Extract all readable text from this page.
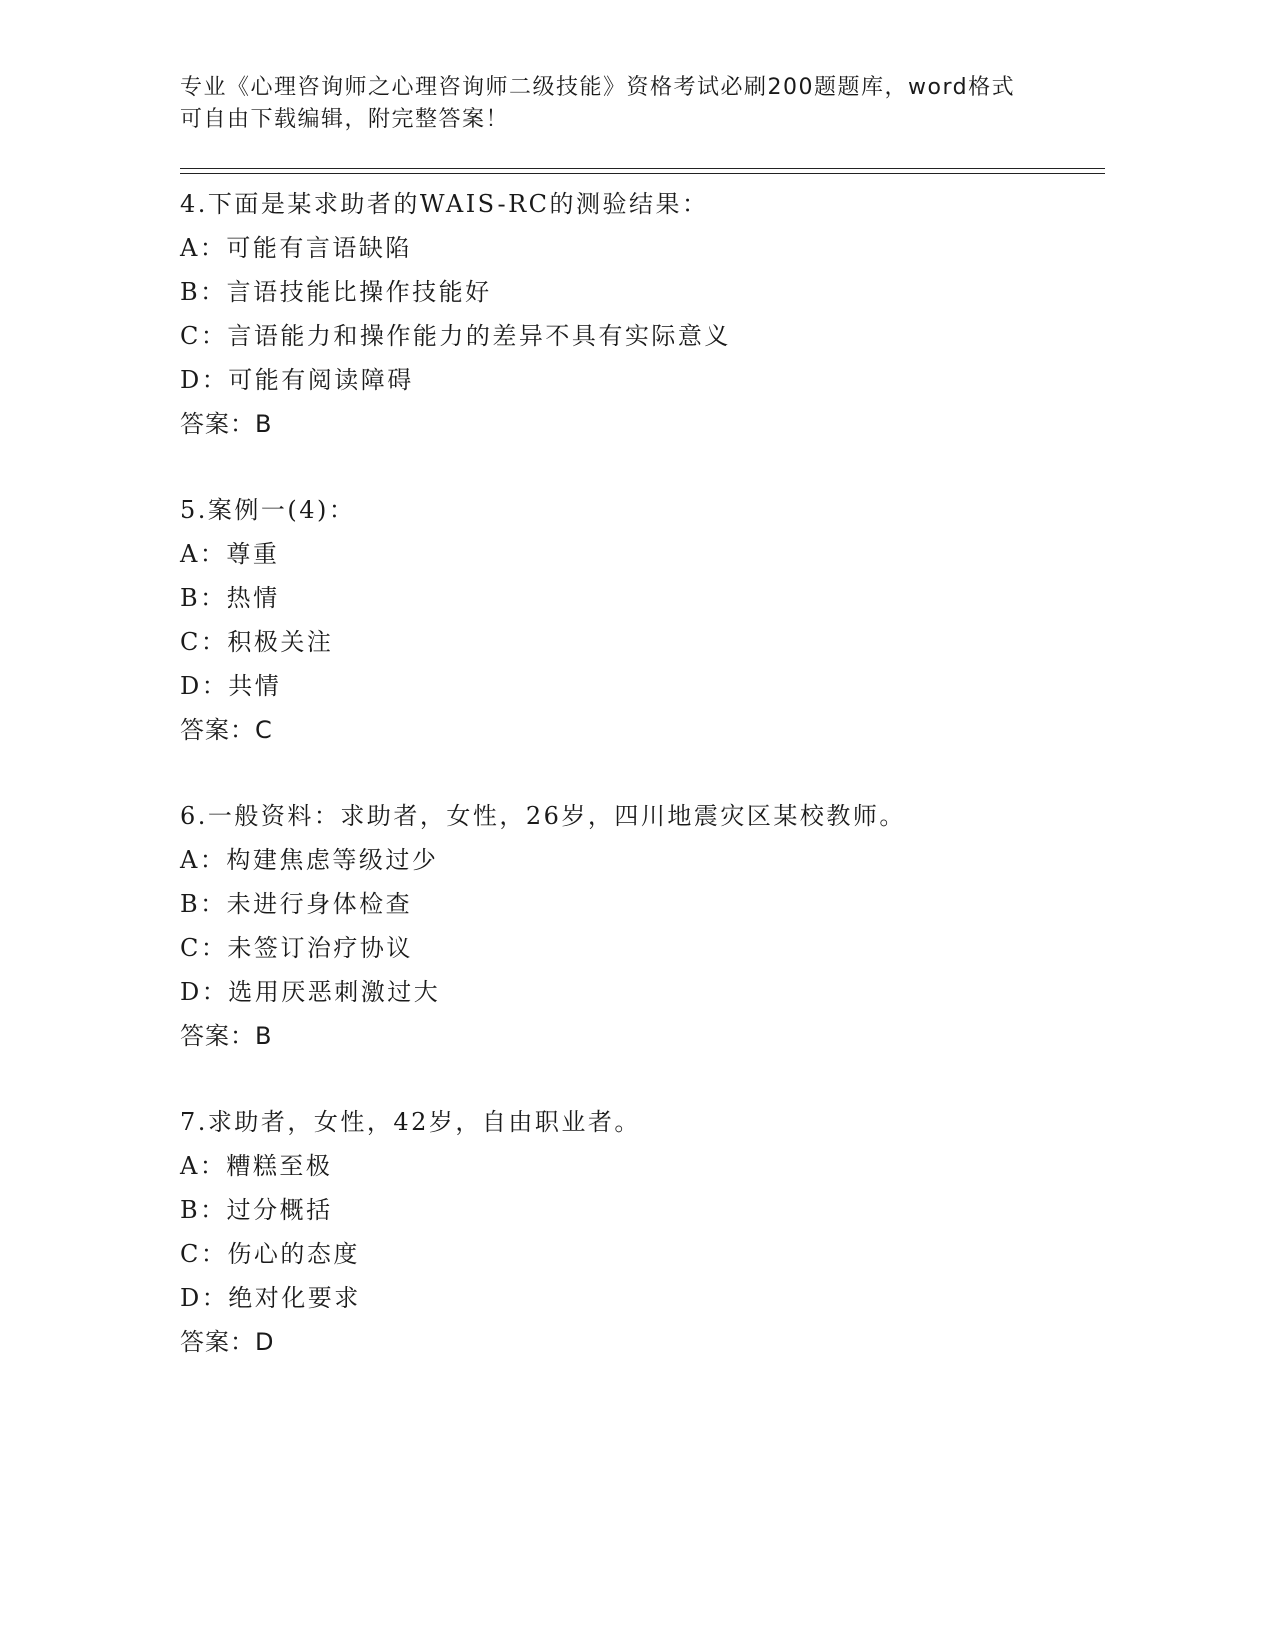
专业《心理咨询师之心理咨询师二级技能》资格考试必刷200题题库，word格式
可自由下载编辑，附完整答案！
4.下面是某求助者的WAIS-RC的测验结果：
A：可能有言语缺陷
B：言语技能比操作技能好
C：言语能力和操作能力的差异不具有实际意义
D：可能有阅读障碍
答案：B
5.案例一(4)：
A：尊重
B：热情
C：积极关注
D：共情
答案：C
6.一般资料：求助者，女性，26岁，四川地震灾区某校教师。
A：构建焦虑等级过少
B：未进行身体检查
C：未签订治疗协议
D：选用厌恶刺激过大
答案：B
7.求助者，女性，42岁，自由职业者。
A：糟糕至极
B：过分概括
C：伤心的态度
D：绝对化要求
答案：D
